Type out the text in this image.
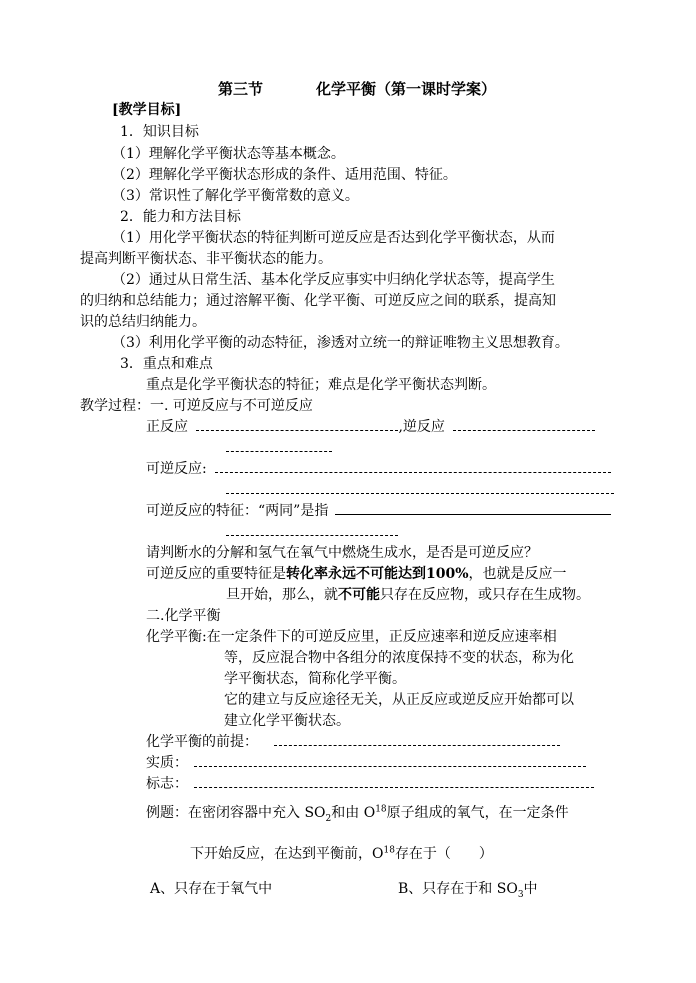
第三节	化学平衡（第一课时学案）
[教学目标]
1．知识目标
（1）理解化学平衡状态等基本概念。
（2）理解化学平衡状态形成的条件、适用范围、特征。
（3）常识性了解化学平衡常数的意义。
2．能力和方法目标
（1）用化学平衡状态的特征判断可逆反应是否达到化学平衡状态，从而
提高判断平衡状态、非平衡状态的能力。
（2）通过从日常生活、基本化学反应事实中归纳化学状态等，提高学生
的归纳和总结能力；通过溶解平衡、化学平衡、可逆反应之间的联系，提高知
识的总结归纳能力。
（3）利用化学平衡的动态特征，渗透对立统一的辩证唯物主义思想教育。
3．重点和难点
重点是化学平衡状态的特征；难点是化学平衡状态判断。
教学过程：一. 可逆反应与不可逆反应
正反应	,逆反应
可逆反应:
可逆反应的特征：“两同”是指
请判断水的分解和氢气在氧气中燃烧生成水，是否是可逆反应？
可逆反应的重要特征是转化率永远不可能达到100%，也就是反应一
旦开始，那么，就不可能只存在反应物，或只存在生成物。
二.化学平衡
化学平衡:在一定条件下的可逆反应里，正反应速率和逆反应速率相
等，反应混合物中各组分的浓度保持不变的状态，称为化
学平衡状态，简称化学平衡。
它的建立与反应途径无关，从正反应或逆反应开始都可以
建立化学平衡状态。
化学平衡的前提：
实质：
标志：
例题：在密闭容器中充入 $SO_2$和由 $O^{18}$原子组成的氧气，在一定条件
下开始反应，在达到平衡前，$O^{18}$存在于（　　）
A、只存在于氧气中	B、只存在于和 $SO_3$中
